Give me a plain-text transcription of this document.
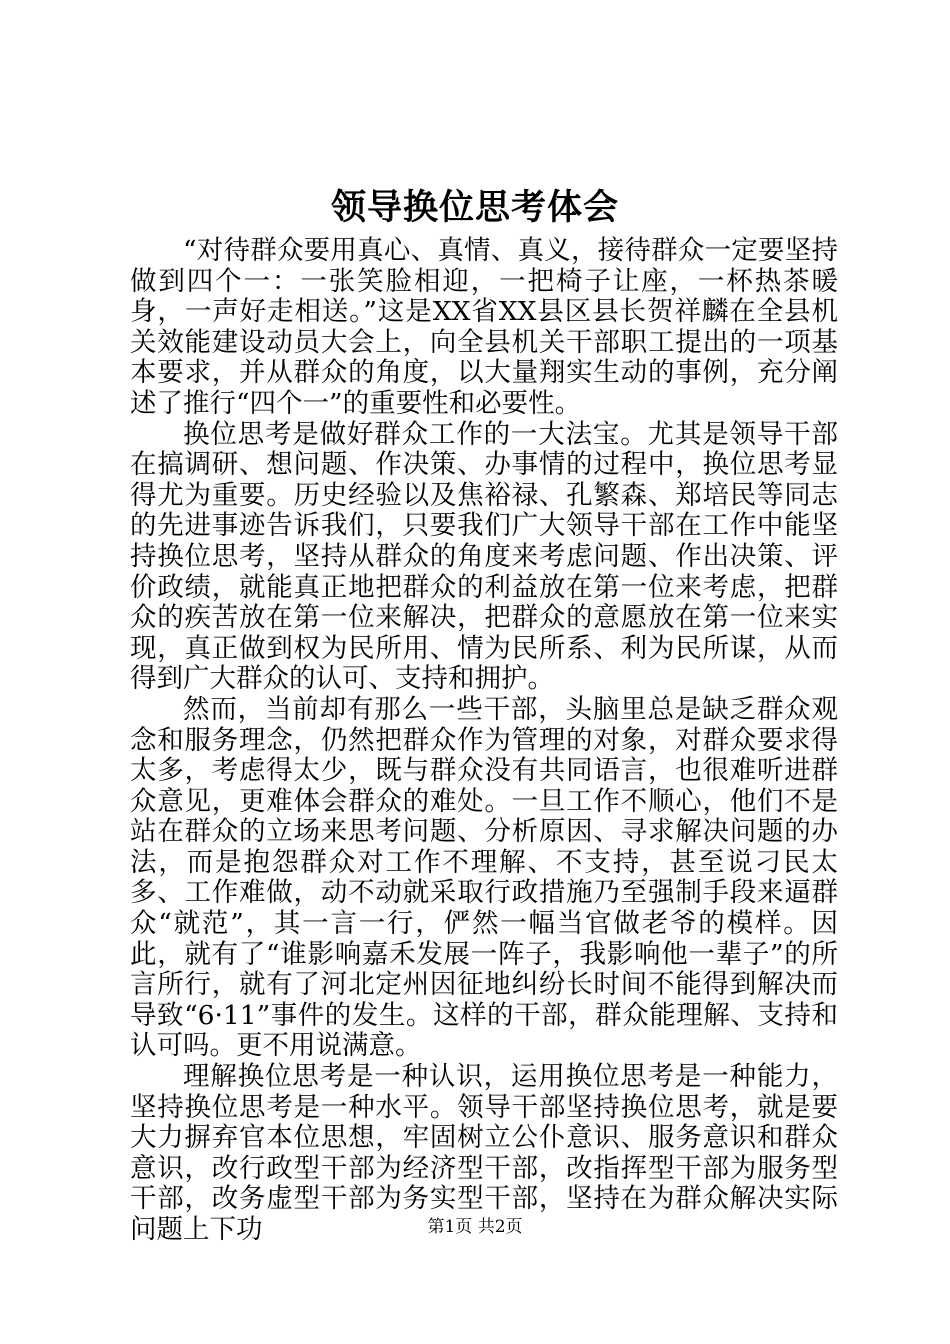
领导换位思考体会

“对待群众要用真心、真情、真义，接待群众一定要坚持做到四个一：一张笑脸相迎，一把椅子让座，一杯热茶暖身，一声好走相送。”这是XX省XX县区县长贺祥麟在全县机关效能建设动员大会上，向全县机关干部职工提出的一项基本要求，并从群众的角度，以大量翔实生动的事例，充分阐述了推行“四个一”的重要性和必要性。

换位思考是做好群众工作的一大法宝。尤其是领导干部在搞调研、想问题、作决策、办事情的过程中，换位思考显得尤为重要。历史经验以及焦裕禄、孔繁森、郑培民等同志的先进事迹告诉我们，只要我们广大领导干部在工作中能坚持换位思考，坚持从群众的角度来考虑问题、作出决策、评价政绩，就能真正地把群众的利益放在第一位来考虑，把群众的疾苦放在第一位来解决，把群众的意愿放在第一位来实现，真正做到权为民所用、情为民所系、利为民所谋，从而得到广大群众的认可、支持和拥护。

然而，当前却有那么一些干部，头脑里总是缺乏群众观念和服务理念，仍然把群众作为管理的对象，对群众要求得太多，考虑得太少，既与群众没有共同语言，也很难听进群众意见，更难体会群众的难处。一旦工作不顺心，他们不是站在群众的立场来思考问题、分析原因、寻求解决问题的办法，而是抱怨群众对工作不理解、不支持，甚至说刁民太多、工作难做，动不动就采取行政措施乃至强制手段来逼群众“就范”，其一言一行，俨然一幅当官做老爷的模样。因此，就有了“谁影响嘉禾发展一阵子，我影响他一辈子”的所言所行，就有了河北定州因征地纠纷长时间不能得到解决而导致“6·11”事件的发生。这样的干部，群众能理解、支持和认可吗。更不用说满意。

理解换位思考是一种认识，运用换位思考是一种能力，坚持换位思考是一种水平。领导干部坚持换位思考，就是要大力摒弃官本位思想，牢固树立公仆意识、服务意识和群众意识，改行政型干部为经济型干部，改指挥型干部为服务型干部，改务虚型干部为务实型干部，坚持在为群众解决实际问题上下功	第1页 共2页
